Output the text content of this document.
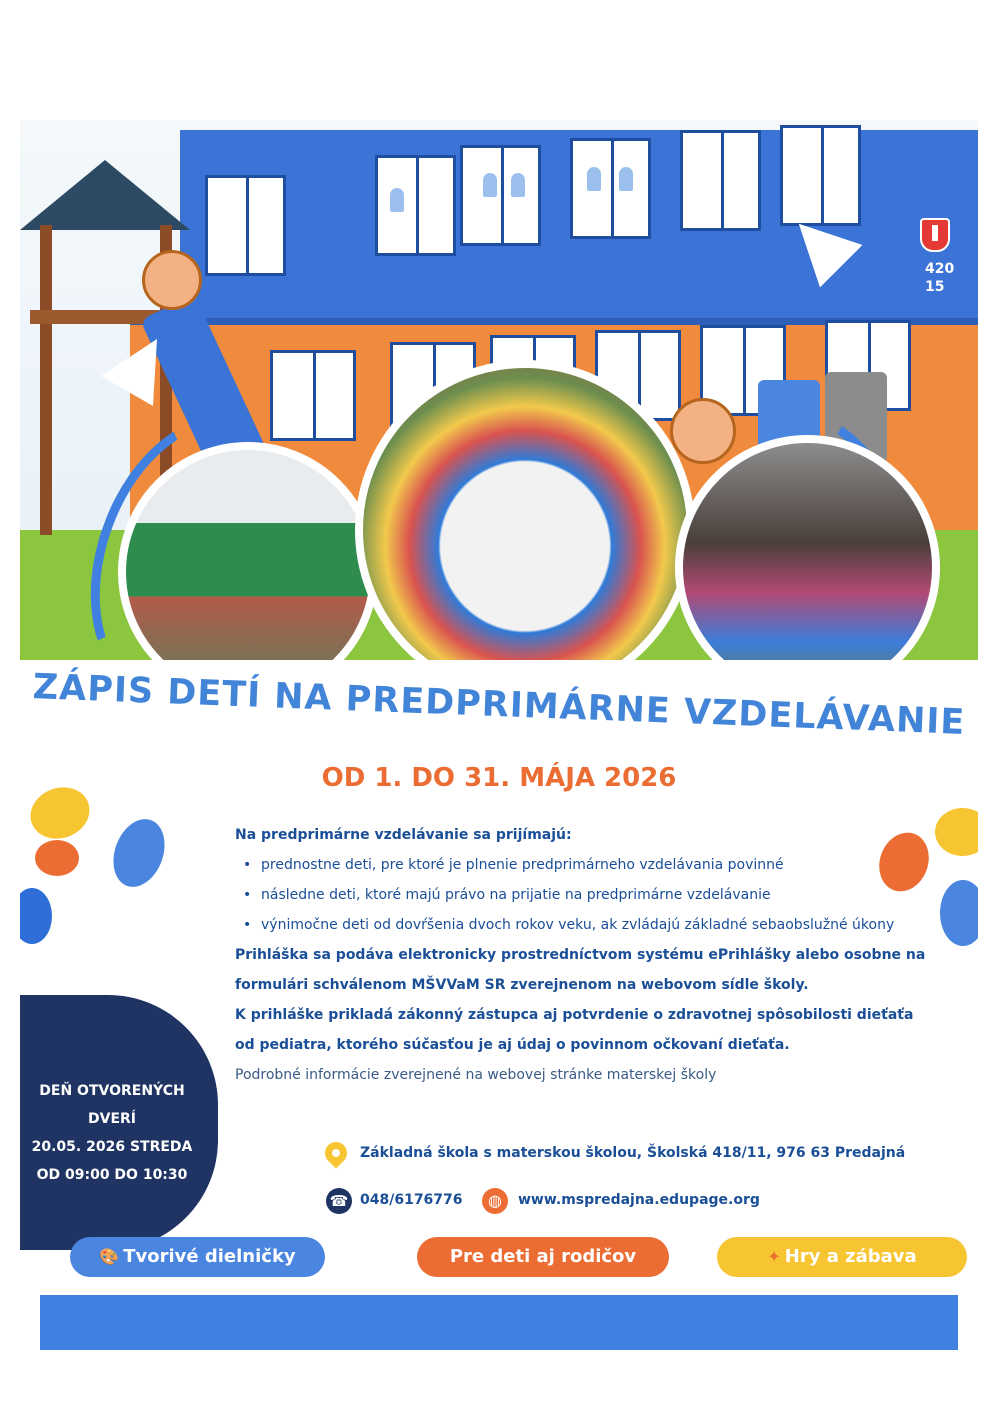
420
15
ZÁPIS DETÍ NA PREDPRIMÁRNE VZDELÁVANIE

OD 1. DO 31. MÁJA 2026

Na predprimárne vzdelávanie sa prijímajú:
• prednostne deti, pre ktoré je plnenie predprimárneho vzdelávania povinné
• následne deti, ktoré majú právo na prijatie na predprimárne vzdelávanie
• výnimočne deti od dovŕšenia dvoch rokov veku, ak zvládajú základné sebaobslužné úkony
Prihláška sa podáva elektronicky prostredníctvom systému ePrihlášky alebo osobne na formulári schválenom MŠVVaM SR zverejnenom na webovom sídle školy.
K prihláške prikladá zákonný zástupca aj potvrdenie o zdravotnej spôsobilosti dieťaťa od pediatra, ktorého súčasťou je aj údaj o povinnom očkovaní dieťaťa.
Podrobné informácie zverejnené na webovej stránke materskej školy
DEŇ OTVORENÝCH DVERÍ
20.05. 2026 STREDA
OD 09:00 DO 10:30
Základná škola s materskou školou, Školská 418/11, 976 63 Predajná
☎ 048/6176776	◍	www.mspredajna.edupage.org
🎨 Tvorivé dielničky	Pre deti aj rodičov	✦ Hry a zábava
